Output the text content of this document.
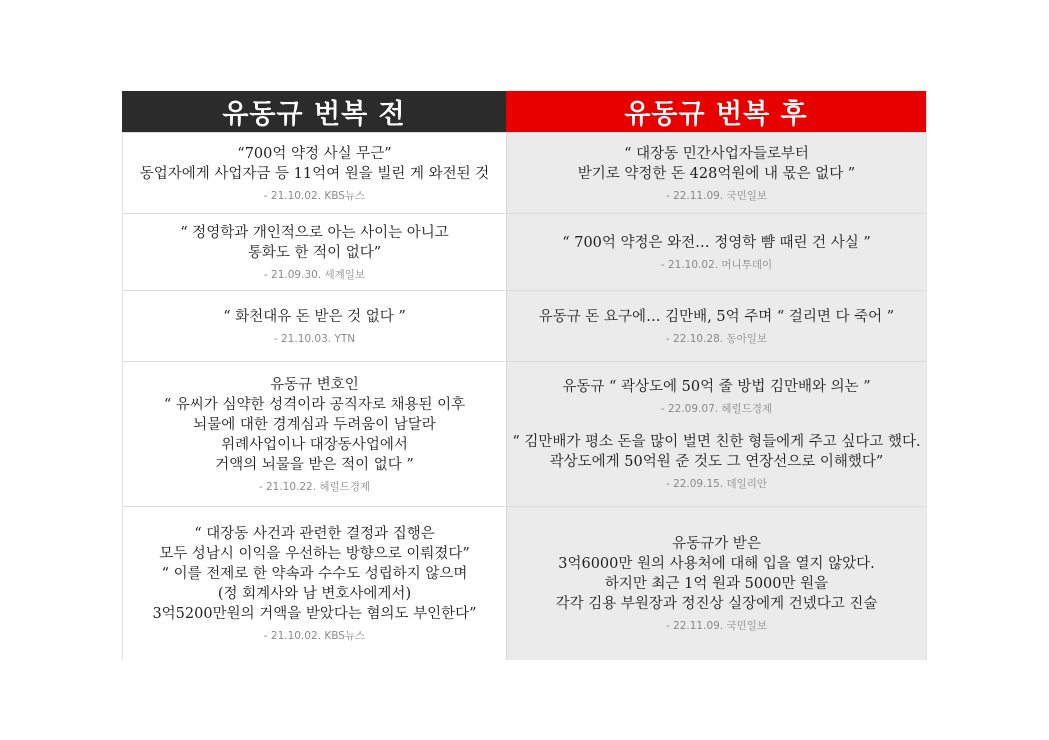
유동규 번복 전	유동규 번복 후
“700억 약정 사실 무근”
동업자에게 사업자금 등 11억여 원을 빌린 게 와전된 것
- 21.10.02. KBS뉴스
“ 대장동 민간사업자들로부터
받기로 약정한 돈 428억원에 내 몫은 없다 ”
- 22.11.09. 국민일보
“ 정영학과 개인적으로 아는 사이는 아니고
통화도 한 적이 없다”
- 21.09.30. 세계일보
“ 700억 약정은 와전… 정영학 뺨 때린 건 사실 ”
- 21.10.02. 머니투데이
“ 화천대유 돈 받은 것 없다 ”
- 21.10.03. YTN
유동규 돈 요구에… 김만배, 5억 주며 “ 걸리면 다 죽어 ”
- 22.10.28. 동아일보
유동규 변호인
“ 유씨가 심약한 성격이라 공직자로 채용된 이후
뇌물에 대한 경계심과 두려움이 남달라
위례사업이나 대장동사업에서
거액의 뇌물을 받은 적이 없다 ”
- 21.10.22. 헤럴드경제
유동규 “ 곽상도에 50억 줄 방법 김만배와 의논 ”
- 22.09.07. 헤럴드경제
“ 김만배가 평소 돈을 많이 벌면 친한 형들에게 주고 싶다고 했다.
곽상도에게 50억원 준 것도 그 연장선으로 이해했다”
- 22.09.15. 데일리안
“ 대장동 사건과 관련한 결정과 집행은
모두 성남시 이익을 우선하는 방향으로 이뤄졌다”
“ 이를 전제로 한 약속과 수수도 성립하지 않으며
(정 회계사와 남 변호사에게서)
3억5200만원의 거액을 받았다는 혐의도 부인한다”
- 21.10.02. KBS뉴스
유동규가 받은
3억6000만 원의 사용처에 대해 입을 열지 않았다.
하지만 최근 1억 원과 5000만 원을
각각 김용 부원장과 정진상 실장에게 건넸다고 진술
- 22.11.09. 국민일보
